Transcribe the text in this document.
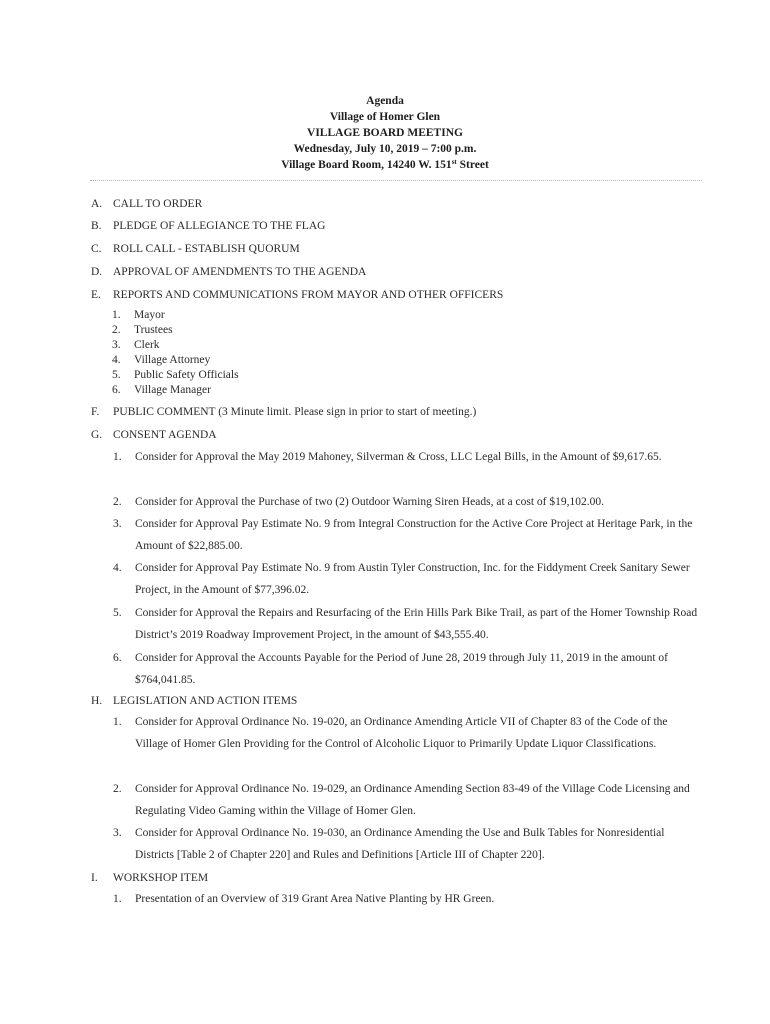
Agenda
Village of Homer Glen
VILLAGE BOARD MEETING
Wednesday, July 10, 2019 – 7:00 p.m.
Village Board Room, 14240 W. 151st Street
A. CALL TO ORDER
B. PLEDGE OF ALLEGIANCE TO THE FLAG
C. ROLL CALL - ESTABLISH QUORUM
D. APPROVAL OF AMENDMENTS TO THE AGENDA
E. REPORTS AND COMMUNICATIONS FROM MAYOR AND OTHER OFFICERS
1. Mayor
2. Trustees
3. Clerk
4. Village Attorney
5. Public Safety Officials
6. Village Manager
F. PUBLIC COMMENT (3 Minute limit. Please sign in prior to start of meeting.)
G. CONSENT AGENDA
1. Consider for Approval the May 2019 Mahoney, Silverman & Cross, LLC Legal Bills, in the Amount of $9,617.65.
2. Consider for Approval the Purchase of two (2) Outdoor Warning Siren Heads, at a cost of $19,102.00.
3. Consider for Approval Pay Estimate No. 9 from Integral Construction for the Active Core Project at Heritage Park, in the Amount of $22,885.00.
4. Consider for Approval Pay Estimate No. 9 from Austin Tyler Construction, Inc. for the Fiddyment Creek Sanitary Sewer Project, in the Amount of $77,396.02.
5. Consider for Approval the Repairs and Resurfacing of the Erin Hills Park Bike Trail, as part of the Homer Township Road District’s 2019 Roadway Improvement Project, in the amount of $43,555.40.
6. Consider for Approval the Accounts Payable for the Period of June 28, 2019 through July 11, 2019 in the amount of $764,041.85.
H. LEGISLATION AND ACTION ITEMS
1. Consider for Approval Ordinance No. 19-020, an Ordinance Amending Article VII of Chapter 83 of the Code of the Village of Homer Glen Providing for the Control of Alcoholic Liquor to Primarily Update Liquor Classifications.
2. Consider for Approval Ordinance No. 19-029, an Ordinance Amending Section 83-49 of the Village Code Licensing and Regulating Video Gaming within the Village of Homer Glen.
3. Consider for Approval Ordinance No. 19-030, an Ordinance Amending the Use and Bulk Tables for Nonresidential Districts [Table 2 of Chapter 220] and Rules and Definitions [Article III of Chapter 220].
I. WORKSHOP ITEM
1. Presentation of an Overview of 319 Grant Area Native Planting by HR Green.
